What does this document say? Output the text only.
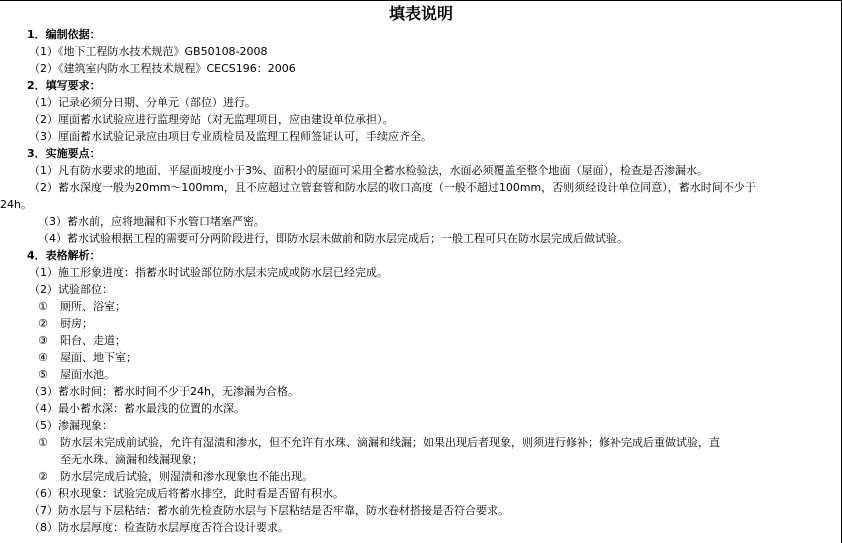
填表说明
1．编制依据：
（1）《地下工程防水技术规范》GB50108-2008
（2）《建筑室内防水工程技术规程》CECS196：2006
2．填写要求：
（1）记录必须分日期、分单元（部位）进行。
（2）厘面蓄水试验应进行监理旁站（对无监理项目，应由建设单位承担）。
（3）厘面蓄水试验记录应由项目专业质检员及监理工程师签证认可，手续应齐全。
3．实施要点：
（1）凡有防水要求的地面、平屋面坡度小于3%、面积小的屋面可采用全蓄水检验法，水面必须覆盖至整个地面（屋面），检查是否渗漏水。
（2）蓄水深度一般为20mm～100mm，且不应超过立管套管和防水层的收口高度（一般不超过100mm，否则须经设计单位同意），蓄水时间不少于
24h。
（3）蓄水前，应将地漏和下水管口堵塞严密。
（4）蓄水试验根据工程的需要可分两阶段进行，即防水层未做前和防水层完成后；一般工程可只在防水层完成后做试验。
4．表格解析：
（1）施工形象进度：指蓄水时试验部位防水层未完成或防水层已经完成。
（2）试验部位：
① 厕所、浴室；
② 厨房；
③ 阳台、走道；
④ 屋面、地下室；
⑤ 屋面水池。
（3）蓄水时间：蓄水时间不少于24h，无渗漏为合格。
（4）最小蓄水深：蓄水最浅的位置的水深。
（5）渗漏现象：
① 防水层未完成前试验，允许有湿渍和渗水，但不允许有水珠、滴漏和线漏；如果出现后者现象，则须进行修补；修补完成后重做试验，直
至无水珠、滴漏和线漏现象；
② 防水层完成后试验，则湿渍和渗水现象也不能出现。
（6）积水现象：试验完成后将蓄水排空，此时看是否留有积水。
（7）防水层与下层粘结：蓄水前先检查防水层与下层粘结是否牢靠，防水卷材搭接是否符合要求。
（8）防水层厚度：检查防水层厚度否符合设计要求。
